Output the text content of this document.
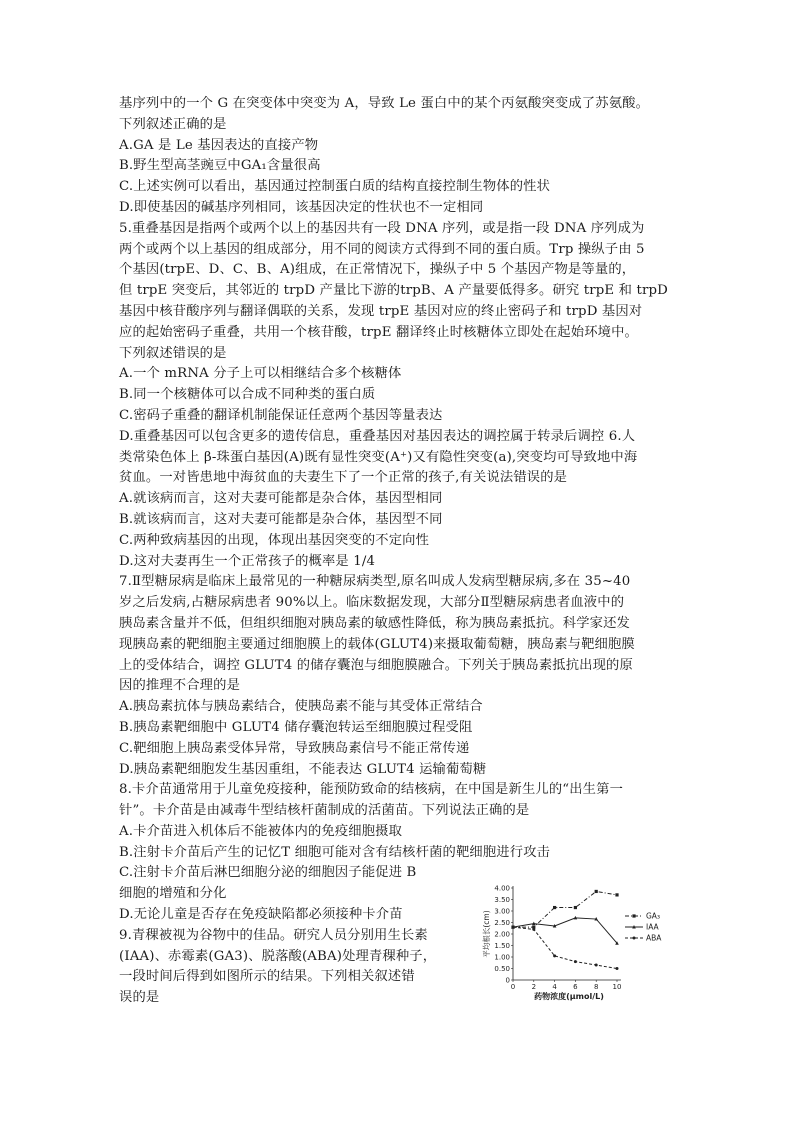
基序列中的一个 G 在突变体中突变为 A，导致 Le 蛋白中的某个丙氨酸突变成了苏氨酸。
下列叙述正确的是
A.GA 是 Le 基因表达的直接产物
B.野生型高茎豌豆中GA₁含量很高
C.上述实例可以看出，基因通过控制蛋白质的结构直接控制生物体的性状
D.即使基因的碱基序列相同，该基因决定的性状也不一定相同
5.重叠基因是指两个或两个以上的基因共有一段 DNA 序列，或是指一段 DNA 序列成为
两个或两个以上基因的组成部分，用不同的阅读方式得到不同的蛋白质。Trp 操纵子由 5
个基因(trpE、D、C、B、A)组成，在正常情况下，操纵子中 5 个基因产物是等量的，
但 trpE 突变后，其邻近的 trpD 产量比下游的trpB、A 产量要低得多。研究 trpE 和 trpD
基因中核苷酸序列与翻译偶联的关系，发现 trpE 基因对应的终止密码子和 trpD 基因对
应的起始密码子重叠，共用一个核苷酸，trpE 翻译终止时核糖体立即处在起始环境中。
下列叙述错误的是
A.一个 mRNA 分子上可以相继结合多个核糖体
B.同一个核糖体可以合成不同种类的蛋白质
C.密码子重叠的翻译机制能保证任意两个基因等量表达
D.重叠基因可以包含更多的遗传信息，重叠基因对基因表达的调控属于转录后调控 6.人
类常染色体上 β-珠蛋白基因(A)既有显性突变(A⁺)又有隐性突变(a),突变均可导致地中海
贫血。一对皆患地中海贫血的夫妻生下了一个正常的孩子,有关说法错误的是
A.就该病而言，这对夫妻可能都是杂合体，基因型相同
B.就该病而言，这对夫妻可能都是杂合体，基因型不同
C.两种致病基因的出现，体现出基因突变的不定向性
D.这对夫妻再生一个正常孩子的概率是 1/4
7.Ⅱ型糖尿病是临床上最常见的一种糖尿病类型,原名叫成人发病型糖尿病,多在 35~40
岁之后发病,占糖尿病患者 90%以上。临床数据发现，大部分Ⅱ型糖尿病患者血液中的
胰岛素含量并不低，但组织细胞对胰岛素的敏感性降低，称为胰岛素抵抗。科学家还发
现胰岛素的靶细胞主要通过细胞膜上的载体(GLUT4)来摄取葡萄糖，胰岛素与靶细胞膜
上的受体结合，调控 GLUT4 的储存囊泡与细胞膜融合。下列关于胰岛素抵抗出现的原
因的推理不合理的是
A.胰岛素抗体与胰岛素结合，使胰岛素不能与其受体正常结合
B.胰岛素靶细胞中 GLUT4 储存囊泡转运至细胞膜过程受阻
C.靶细胞上胰岛素受体异常，导致胰岛素信号不能正常传递
D.胰岛素靶细胞发生基因重组，不能表达 GLUT4 运输葡萄糖
8.卡介苗通常用于儿童免疫接种，能预防致命的结核病，在中国是新生儿的“出生第一
针”。卡介苗是由减毒牛型结核杆菌制成的活菌苗。下列说法正确的是
A.卡介苗进入机体后不能被体内的免疫细胞摄取
B.注射卡介苗后产生的记忆T 细胞可能对含有结核杆菌的靶细胞进行攻击
C.注射卡介苗后淋巴细胞分泌的细胞因子能促进 B
细胞的增殖和分化
D.无论儿童是否存在免疫缺陷都必须接种卡介苗
9.青稞被视为谷物中的佳品。研究人员分别用生长素
(IAA)、赤霉素(GA3)、脱落酸(ABA)处理青稞种子，
一段时间后得到如图所示的结果。下列相关叙述错
误的是
0
0.50
1.00
1.50
2.00
2.50
3.00
3.50
4.00
0 2 4 6 8 10
药物浓度(μmol/L)
平均根长(cm)	GA₃
IAA
ABA
